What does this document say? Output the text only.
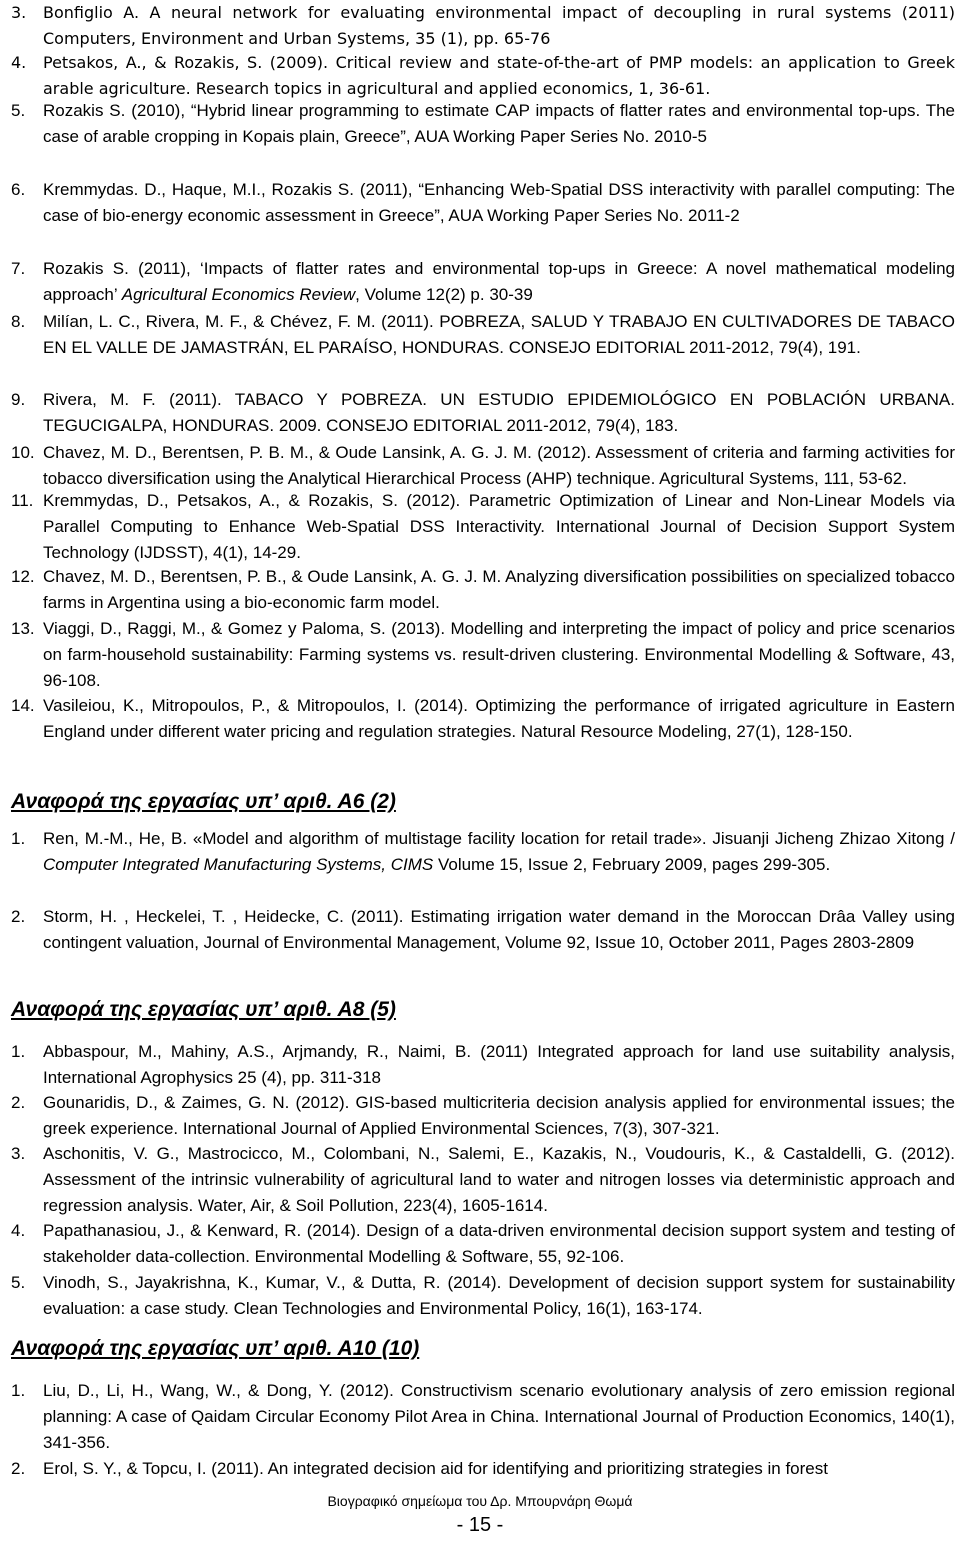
3.	Bonfiglio A. A neural network for evaluating environmental impact of decoupling in rural systems (2011) Computers, Environment and Urban Systems, 35 (1), pp. 65-76
4.	Petsakos, A., & Rozakis, S. (2009). Critical review and state-of-the-art of PMP models: an application to Greek arable agriculture. Research topics in agricultural and applied economics, 1, 36-61.
5.	Rozakis S. (2010), “Hybrid linear programming to estimate CAP impacts of flatter rates and environmental top-ups. The case of arable cropping in Kopais plain, Greece”, AUA Working Paper Series No. 2010-5
6.	Kremmydas. D., Haque, M.I., Rozakis S. (2011), “Enhancing Web-Spatial DSS interactivity with parallel computing: The case of bio-energy economic assessment in Greece”, AUA Working Paper Series No. 2011-2
7.	Rozakis S. (2011), ‘Impacts of flatter rates and environmental top-ups in Greece: A novel mathematical modeling approach’ Agricultural Economics Review, Volume 12(2) p. 30-39
8.	Milían, L. C., Rivera, M. F., & Chévez, F. M. (2011). POBREZA, SALUD Y TRABAJO EN CULTIVADORES DE TABACO EN EL VALLE DE JAMASTRÁN, EL PARAÍSO, HONDURAS. CONSEJO EDITORIAL 2011-2012, 79(4), 191.
9.	Rivera, M. F. (2011). TABACO Y POBREZA. UN ESTUDIO EPIDEMIOLÓGICO EN POBLACIÓN URBANA. TEGUCIGALPA, HONDURAS. 2009. CONSEJO EDITORIAL 2011-2012, 79(4), 183.
10. Chavez, M. D., Berentsen, P. B. M., & Oude Lansink, A. G. J. M. (2012). Assessment of criteria and farming activities for tobacco diversification using the Analytical Hierarchical Process (AHP) technique. Agricultural Systems, 111, 53-62.
11. Kremmydas, D., Petsakos, A., & Rozakis, S. (2012). Parametric Optimization of Linear and Non-Linear Models via Parallel Computing to Enhance Web-Spatial DSS Interactivity. International Journal of Decision Support System Technology (IJDSST), 4(1), 14-29.
12. Chavez, M. D., Berentsen, P. B., & Oude Lansink, A. G. J. M. Analyzing diversification possibilities on specialized tobacco farms in Argentina using a bio-economic farm model.
13. Viaggi, D., Raggi, M., & Gomez y Paloma, S. (2013). Modelling and interpreting the impact of policy and price scenarios on farm-household sustainability: Farming systems vs. result-driven clustering. Environmental Modelling & Software, 43, 96-108.
14. Vasileiou, K., Mitropoulos, P., & Mitropoulos, I. (2014). Optimizing the performance of irrigated agriculture in Eastern England under different water pricing and regulation strategies. Natural Resource Modeling, 27(1), 128-150.
Αναφορά της εργασίας υπ’ αριθ. Α6 (2)
1.	Ren, M.-M., He, B. «Model and algorithm of multistage facility location for retail trade». Jisuanji Jicheng Zhizao Xitong / Computer Integrated Manufacturing Systems, CIMS Volume 15, Issue 2, February 2009, pages 299-305.
2.	Storm, H. , Heckelei, T. , Heidecke, C. (2011). Estimating irrigation water demand in the Moroccan Drâa Valley using contingent valuation, Journal of Environmental Management, Volume 92, Issue 10, October 2011, Pages 2803-2809
Αναφορά της εργασίας υπ’ αριθ. Α8 (5)
1.	Abbaspour, M., Mahiny, A.S., Arjmandy, R., Naimi, B. (2011) Integrated approach for land use suitability analysis, International Agrophysics 25 (4), pp. 311-318
2.	Gounaridis, D., & Zaimes, G. N. (2012). GIS-based multicriteria decision analysis applied for environmental issues; the greek experience. International Journal of Applied Environmental Sciences, 7(3), 307-321.
3.	Aschonitis, V. G., Mastrocicco, M., Colombani, N., Salemi, E., Kazakis, N., Voudouris, K., & Castaldelli, G. (2012). Assessment of the intrinsic vulnerability of agricultural land to water and nitrogen losses via deterministic approach and regression analysis. Water, Air, & Soil Pollution, 223(4), 1605-1614.
4.	Papathanasiou, J., & Kenward, R. (2014). Design of a data-driven environmental decision support system and testing of stakeholder data-collection. Environmental Modelling & Software, 55, 92-106.
5.	Vinodh, S., Jayakrishna, K., Kumar, V., & Dutta, R. (2014). Development of decision support system for sustainability evaluation: a case study. Clean Technologies and Environmental Policy, 16(1), 163-174.
Αναφορά της εργασίας υπ’ αριθ. Α10 (10)
1.	Liu, D., Li, H., Wang, W., & Dong, Y. (2012). Constructivism scenario evolutionary analysis of zero emission regional planning: A case of Qaidam Circular Economy Pilot Area in China. International Journal of Production Economics, 140(1), 341-356.
2.	Erol, S. Y., & Topcu, I. (2011). An integrated decision aid for identifying and prioritizing strategies in forest
Βιογραφικό σημείωμα του Δρ. Μπουρνάρη Θωμά
- 15 -
